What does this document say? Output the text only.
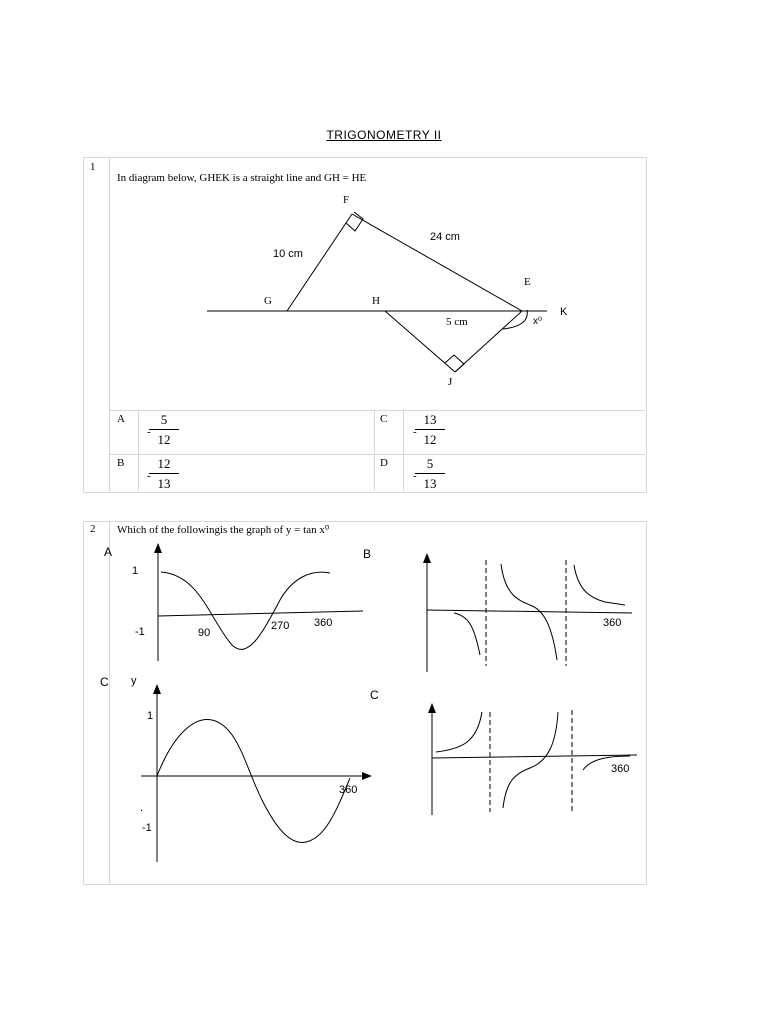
TRIGONOMETRY II
1
In diagram below, GHEK is a straight line and GH = HE
F
G	H
E
K
J
x⁰
10 cm
24 cm
5 cm
A
-
$\frac{5}{12}$
B
-
$\frac{12}{13}$
C
-
$\frac{13}{12}$
D
-
$\frac{5}{13}$
2 Which of the followingis the graph of y = tan x⁰
A
1
-1	90
270 360
B
360
C y
1
.
-1
360
C
360
